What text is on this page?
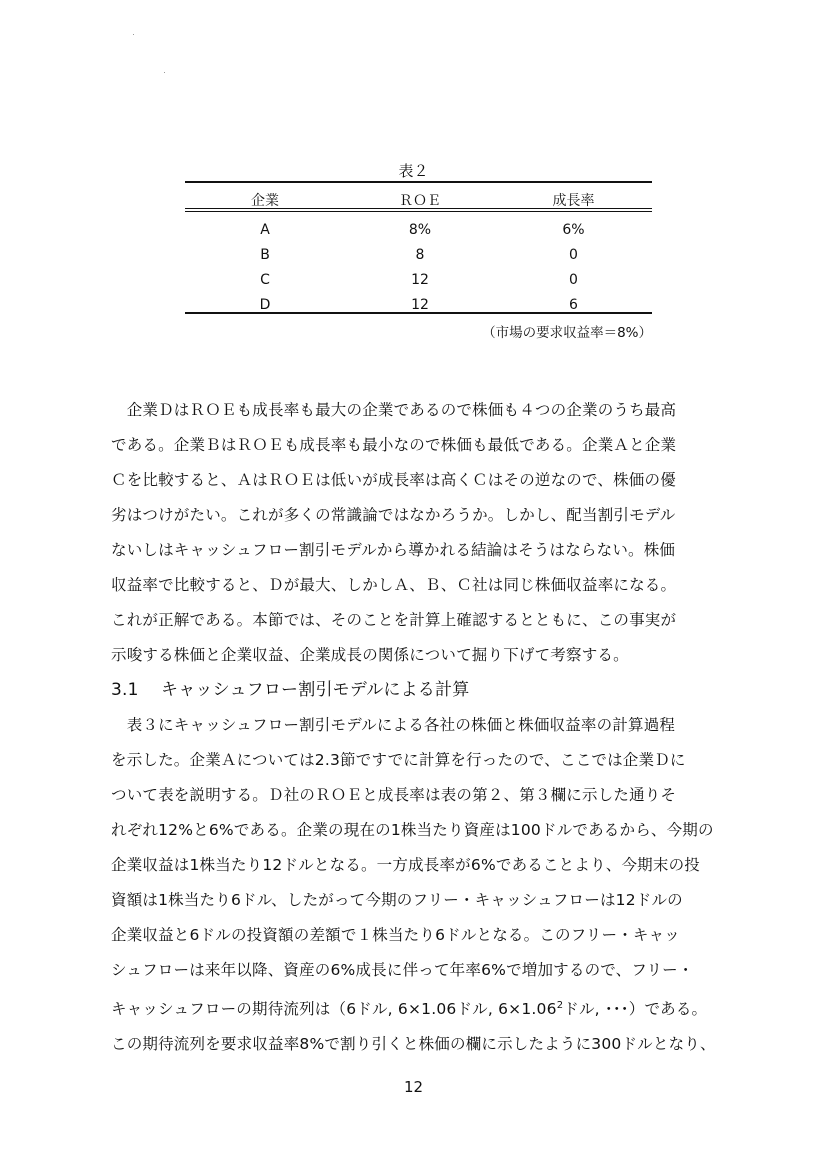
表２
企業	ＲＯＥ	成長率
A	8%	6%
B	8	0
C	12	0
D	12	6
（市場の要求収益率＝8%）

　企業ＤはＲＯＥも成長率も最大の企業であるので株価も４つの企業のうち最高

である。企業ＢはＲＯＥも成長率も最小なので株価も最低である。企業Ａと企業

Ｃを比較すると、ＡはＲＯＥは低いが成長率は高くＣはその逆なので、株価の優

劣はつけがたい。これが多くの常識論ではなかろうか。しかし、配当割引モデル

ないしはキャッシュフロー割引モデルから導かれる結論はそうはならない。株価

収益率で比較すると、Ｄが最大、しかしＡ、Ｂ、Ｃ社は同じ株価収益率になる。

これが正解である。本節では、そのことを計算上確認するとともに、この事実が

示唆する株価と企業収益、企業成長の関係について掘り下げて考察する。

3.1 キャッシュフロー割引モデルによる計算

　表３にキャッシュフロー割引モデルによる各社の株価と株価収益率の計算過程

を示した。企業Ａについては2.3節ですでに計算を行ったので、ここでは企業Ｄに

ついて表を説明する。Ｄ社のＲＯＥと成長率は表の第２、第３欄に示した通りそ

れぞれ12%と6%である。企業の現在の1株当たり資産は100ドルであるから、今期の

企業収益は1株当たり12ドルとなる。一方成長率が6%であることより、今期末の投

資額は1株当たり6ドル、したがって今期のフリー・キャッシュフローは12ドルの

企業収益と6ドルの投資額の差額で１株当たり6ドルとなる。このフリー・キャッ

シュフローは来年以降、資産の6%成長に伴って年率6%で増加するので、フリー・

キャッシュフローの期待流列は（6ドル, 6×1.06ドル, $6\times 1.06^2$ドル, ･･･）である。

この期待流列を要求収益率8%で割り引くと株価の欄に示したように300ドルとなり、

12
